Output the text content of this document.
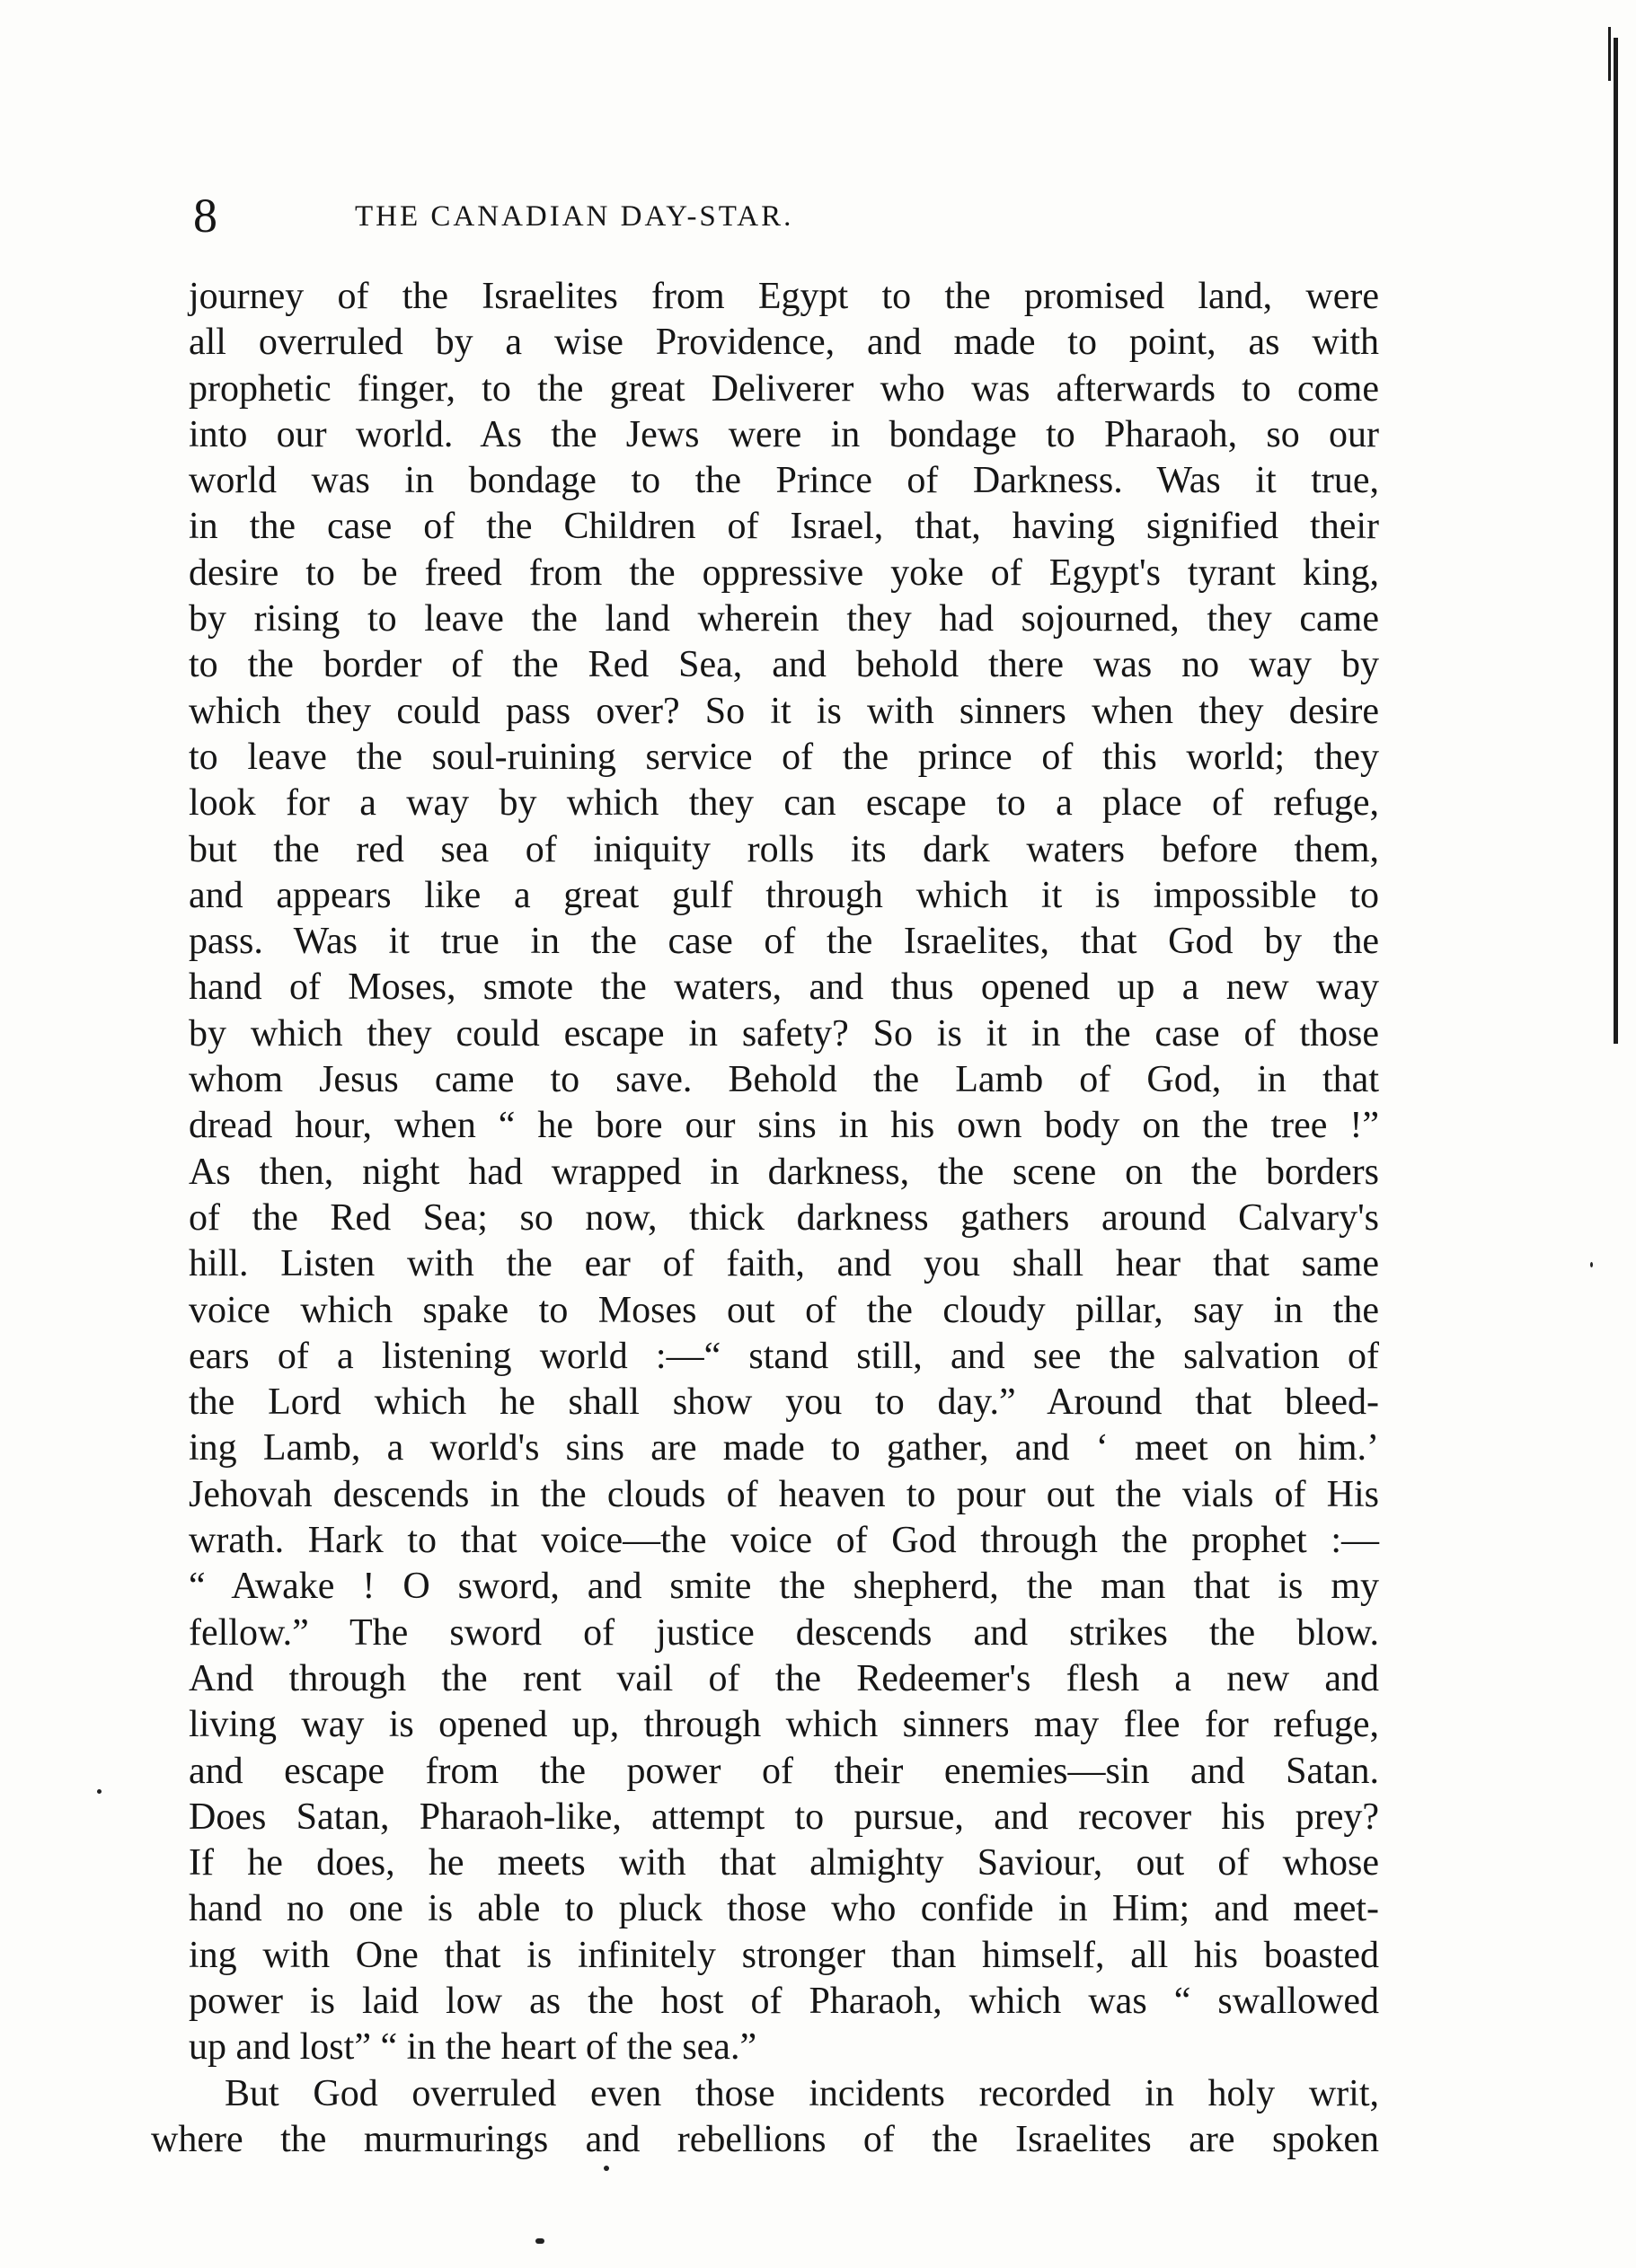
8	THE CANADIAN DAY-STAR.
journey of the Israelites from Egypt to the promised land, were
all overruled by a wise Providence, and made to point, as with
prophetic finger, to the great Deliverer who was afterwards to come
into our world. As the Jews were in bondage to Pharaoh, so our
world was in bondage to the Prince of Darkness. Was it true,
in the case of the Children of Israel, that, having signified their
desire to be freed from the oppressive yoke of Egypt's tyrant king,
by rising to leave the land wherein they had sojourned, they came
to the border of the Red Sea, and behold there was no way by
which they could pass over? So it is with sinners when they desire
to leave the soul-ruining service of the prince of this world; they
look for a way by which they can escape to a place of refuge,
but the red sea of iniquity rolls its dark waters before them,
and appears like a great gulf through which it is impossible to
pass. Was it true in the case of the Israelites, that God by the
hand of Moses, smote the waters, and thus opened up a new way
by which they could escape in safety? So is it in the case of those
whom Jesus came to save. Behold the Lamb of God, in that
dread hour, when “ he bore our sins in his own body on the tree !”
As then, night had wrapped in darkness, the scene on the borders
of the Red Sea; so now, thick darkness gathers around Calvary's
hill. Listen with the ear of faith, and you shall hear that same
voice which spake to Moses out of the cloudy pillar, say in the
ears of a listening world :—“ stand still, and see the salvation of
the Lord which he shall show you to day.” Around that bleed-
ing Lamb, a world's sins are made to gather, and ‘ meet on him.’
Jehovah descends in the clouds of heaven to pour out the vials of His
wrath. Hark to that voice—the voice of God through the prophet :—
“ Awake ! O sword, and smite the shepherd, the man that is my
fellow.” The sword of justice descends and strikes the blow.
And through the rent vail of the Redeemer's flesh a new and
living way is opened up, through which sinners may flee for refuge,
and escape from the power of their enemies—sin and Satan.
Does Satan, Pharaoh-like, attempt to pursue, and recover his prey?
If he does, he meets with that almighty Saviour, out of whose
hand no one is able to pluck those who confide in Him; and meet-
ing with One that is infinitely stronger than himself, all his boasted
power is laid low as the host of Pharaoh, which was “ swallowed
up and lost” “ in the heart of the sea.”
But God overruled even those incidents recorded in holy writ,
where the murmurings and rebellions of the Israelites are spoken
